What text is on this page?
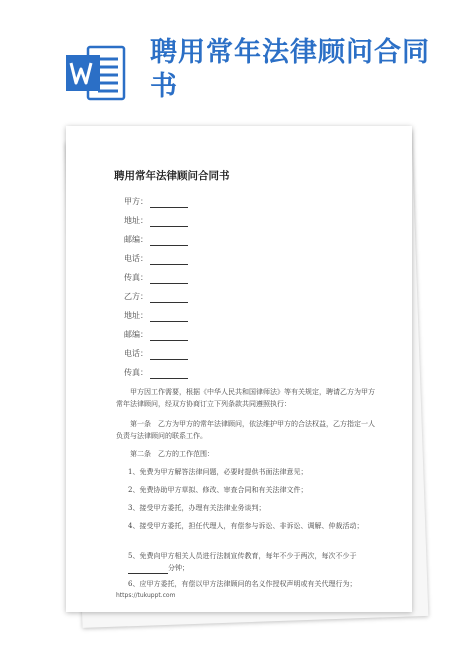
聘用常年法律顾问合同书
聘用常年法律顾问合同书
甲方：
地址：
邮编：
电话：
传真：
乙方：
地址：
邮编：
电话：
传真：
甲方因工作需要，根据《中华人民共和国律师法》等有关规定，聘请乙方为甲方常年法律顾问，经双方协商订立下列条款共同遵照执行：
第一条　乙方为甲方的常年法律顾问，依法维护甲方的合法权益，乙方指定一人负责与法律顾问的联系工作。
第二条　乙方的工作范围：
1、免费为甲方解答法律问题，必要时提供书面法律意见；
2、免费协助甲方草拟、修改、审查合同和有关法律文件；
3、接受甲方委托，办理有关法律业务谈判；
4、接受甲方委托，担任代理人，有偿参与诉讼、非诉讼、调解、仲裁活动；
5、免费向甲方相关人员进行法制宣传教育，每年不少于两次，每次不少于
分钟；
6、应甲方委托，有偿以甲方法律顾问的名义作授权声明或有关代理行为；
https://tukuppt.com
